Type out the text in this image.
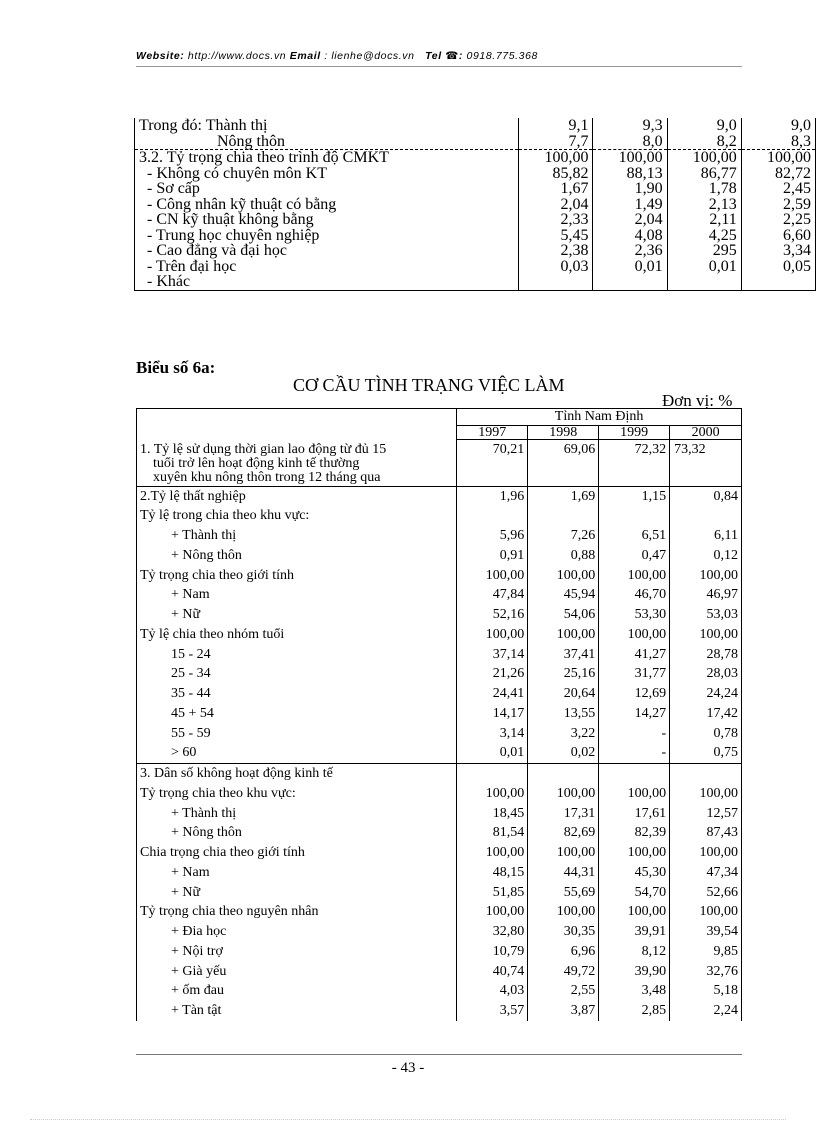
Website: http://www.docs.vn Email : lienhe@docs.vn   Tel ☎: 0918.775.368
Trong đó: Thành thị	9,1	9,3	9,0	9,0
Nông thôn	7,7	8,0	8,2	8,3
3.2. Tỷ trọng chia theo trình độ CMKT	100,00	100,00	100,00	100,00
- Không có chuyên môn KT	85,82	88,13	86,77	82,72
- Sơ cấp	1,67	1,90	1,78	2,45
- Công nhân kỹ thuật có bằng	2,04	1,49	2,13	2,59
- CN kỹ thuật không bằng	2,33	2,04	2,11	2,25
- Trung học chuyên nghiệp	5,45	4,08	4,25	6,60
- Cao đẳng và đại học	2,38	2,36	295	3,34
- Trên đại học	0,03	0,01	0,01	0,05
- Khác				
Biểu số 6a:
CƠ CẦU TÌNH TRẠNG VIỆC LÀM
Đơn vị: %
	Tỉnh Nam Định			
	1997	1998	1999	2000

1. Tỷ lệ sử dụng thời gian lao động từ đủ 15
tuổi trở lên hoạt động kinh tế thường
xuyên khu nông thôn trong 12 tháng qua	70,21	69,06	72,32	73,32
2.Tỷ lệ thất nghiệp	1,96	1,69	1,15	0,84
Tỷ lệ trong chia theo khu vực:				
+ Thành thị	5,96	7,26	6,51	6,11
+ Nông thôn	0,91	0,88	0,47	0,12
Tỷ trọng chia theo giới tính	100,00	100,00	100,00	100,00
+ Nam	47,84	45,94	46,70	46,97
+ Nữ	52,16	54,06	53,30	53,03
Tỷ lệ chia theo nhóm tuổi	100,00	100,00	100,00	100,00
15 - 24	37,14	37,41	41,27	28,78
25 - 34	21,26	25,16	31,77	28,03
35 - 44	24,41	20,64	12,69	24,24
45 + 54	14,17	13,55	14,27	17,42
55 - 59	3,14	3,22	-	0,78
> 60	0,01	0,02	-	0,75
3. Dân số không hoạt động kinh tế				
Tỷ trọng chia theo khu vực:	100,00	100,00	100,00	100,00
+ Thành thị	18,45	17,31	17,61	12,57
+ Nông thôn	81,54	82,69	82,39	87,43
Chia trọng chia theo giới tính	100,00	100,00	100,00	100,00
+ Nam	48,15	44,31	45,30	47,34
+ Nữ	51,85	55,69	54,70	52,66
Tỷ trọng chia theo nguyên nhân	100,00	100,00	100,00	100,00
+ Đia học	32,80	30,35	39,91	39,54
+ Nội trợ	10,79	6,96	8,12	9,85
+ Già yếu	40,74	49,72	39,90	32,76
+ ốm đau	4,03	2,55	3,48	5,18
+ Tàn tật	3,57	3,87	2,85	2,24
- 43 -
